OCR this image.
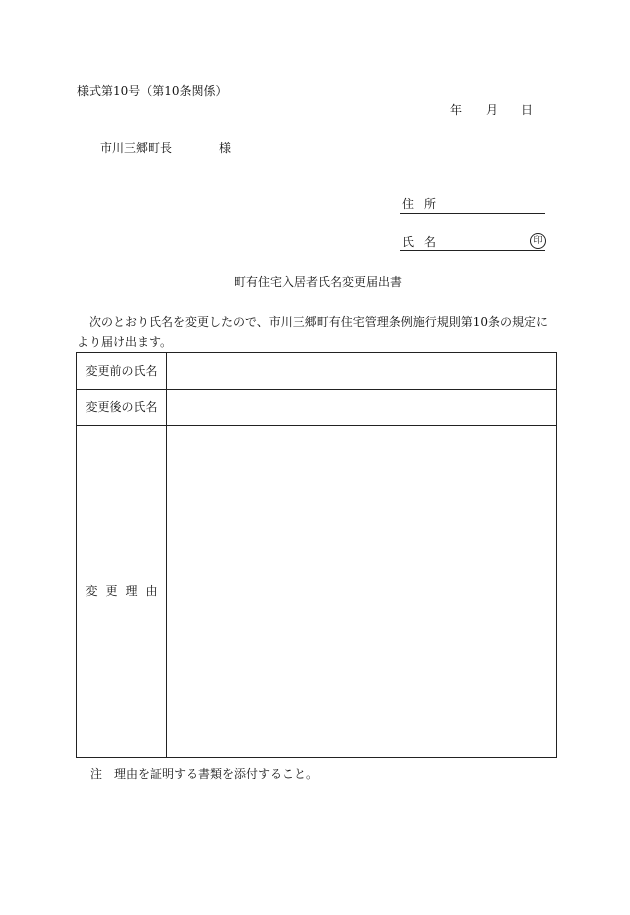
様式第10号（第10条関係）
年 月 日
市川三郷町長	様
住所
氏名	印
町有住宅入居者氏名変更届出書
次のとおり氏名を変更したので、市川三郷町有住宅管理条例施行規則第10条の規定により届け出ます。
変更前の氏名
変更後の氏名
変更理由
注　理由を証明する書類を添付すること。
